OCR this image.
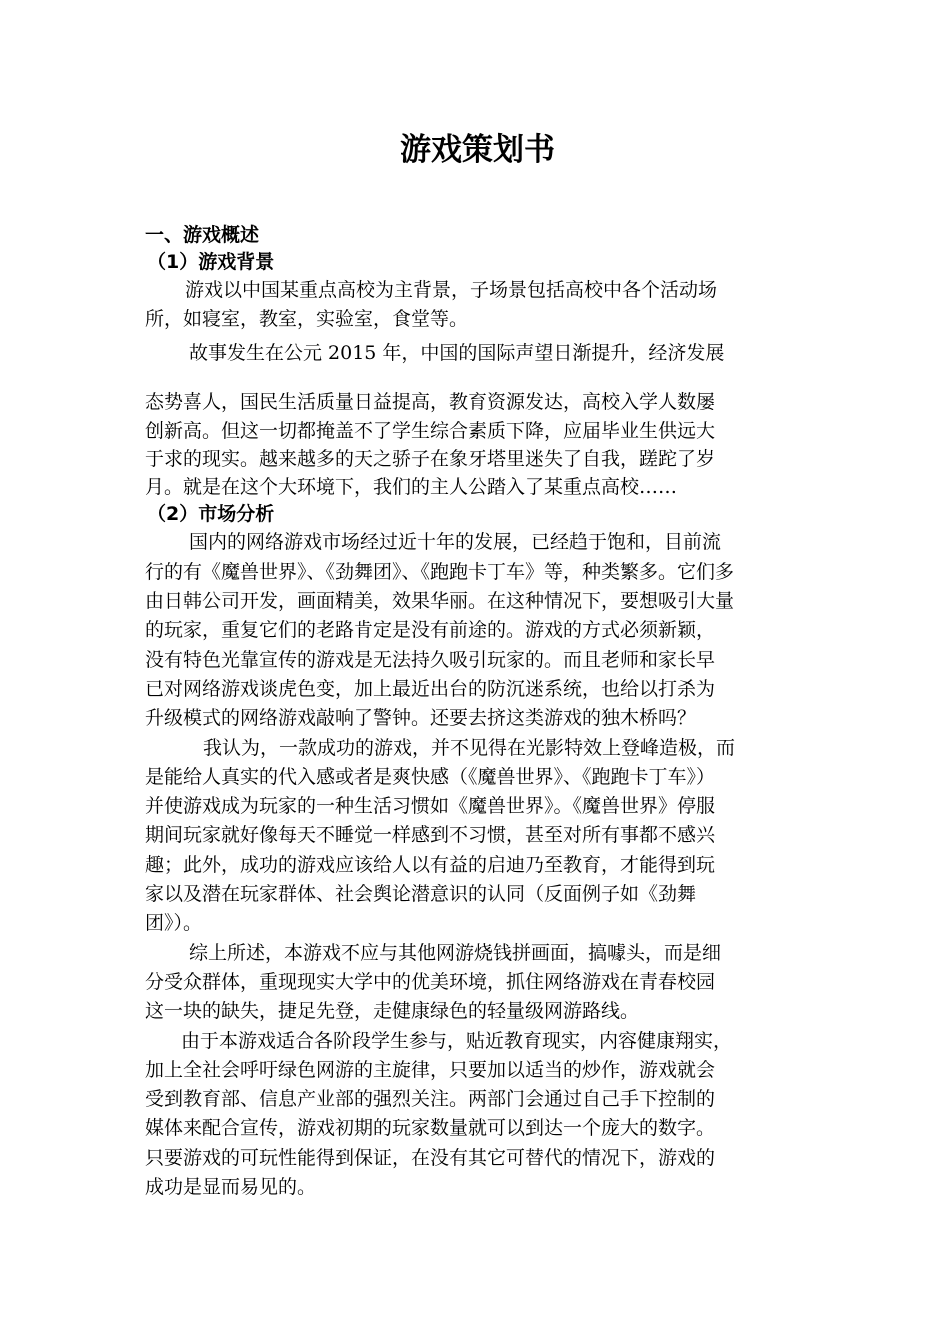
游戏策划书
一、游戏概述
（1）游戏背景

游戏以中国某重点高校为主背景，子场景包括高校中各个活动场
所，如寝室，教室，实验室，食堂等。

故事发生在公元 2015 年，中国的国际声望日渐提升，经济发展
态势喜人，国民生活质量日益提高，教育资源发达，高校入学人数屡
创新高。但这一切都掩盖不了学生综合素质下降，应届毕业生供远大
于求的现实。越来越多的天之骄子在象牙塔里迷失了自我，蹉跎了岁
月。就是在这个大环境下，我们的主人公踏入了某重点高校……

（2）市场分析

国内的网络游戏市场经过近十年的发展，已经趋于饱和，目前流
行的有《魔兽世界》、《劲舞团》、《跑跑卡丁车》等，种类繁多。它们多
由日韩公司开发，画面精美，效果华丽。在这种情况下，要想吸引大量
的玩家，重复它们的老路肯定是没有前途的。游戏的方式必须新颖，
没有特色光靠宣传的游戏是无法持久吸引玩家的。而且老师和家长早
已对网络游戏谈虎色变，加上最近出台的防沉迷系统，也给以打杀为
升级模式的网络游戏敲响了警钟。还要去挤这类游戏的独木桥吗？

我认为，一款成功的游戏，并不见得在光影特效上登峰造极，而
是能给人真实的代入感或者是爽快感（《魔兽世界》、《跑跑卡丁车》）
并使游戏成为玩家的一种生活习惯如《魔兽世界》。《魔兽世界》停服
期间玩家就好像每天不睡觉一样感到不习惯，甚至对所有事都不感兴
趣；此外，成功的游戏应该给人以有益的启迪乃至教育，才能得到玩
家以及潜在玩家群体、社会舆论潜意识的认同（反面例子如《劲舞
团》）。

综上所述，本游戏不应与其他网游烧钱拼画面，搞噱头，而是细
分受众群体，重现现实大学中的优美环境，抓住网络游戏在青春校园
这一块的缺失，捷足先登，走健康绿色的轻量级网游路线。

由于本游戏适合各阶段学生参与，贴近教育现实，内容健康翔实，
加上全社会呼吁绿色网游的主旋律，只要加以适当的炒作，游戏就会
受到教育部、信息产业部的强烈关注。两部门会通过自己手下控制的
媒体来配合宣传，游戏初期的玩家数量就可以到达一个庞大的数字。
只要游戏的可玩性能得到保证，在没有其它可替代的情况下，游戏的
成功是显而易见的。
